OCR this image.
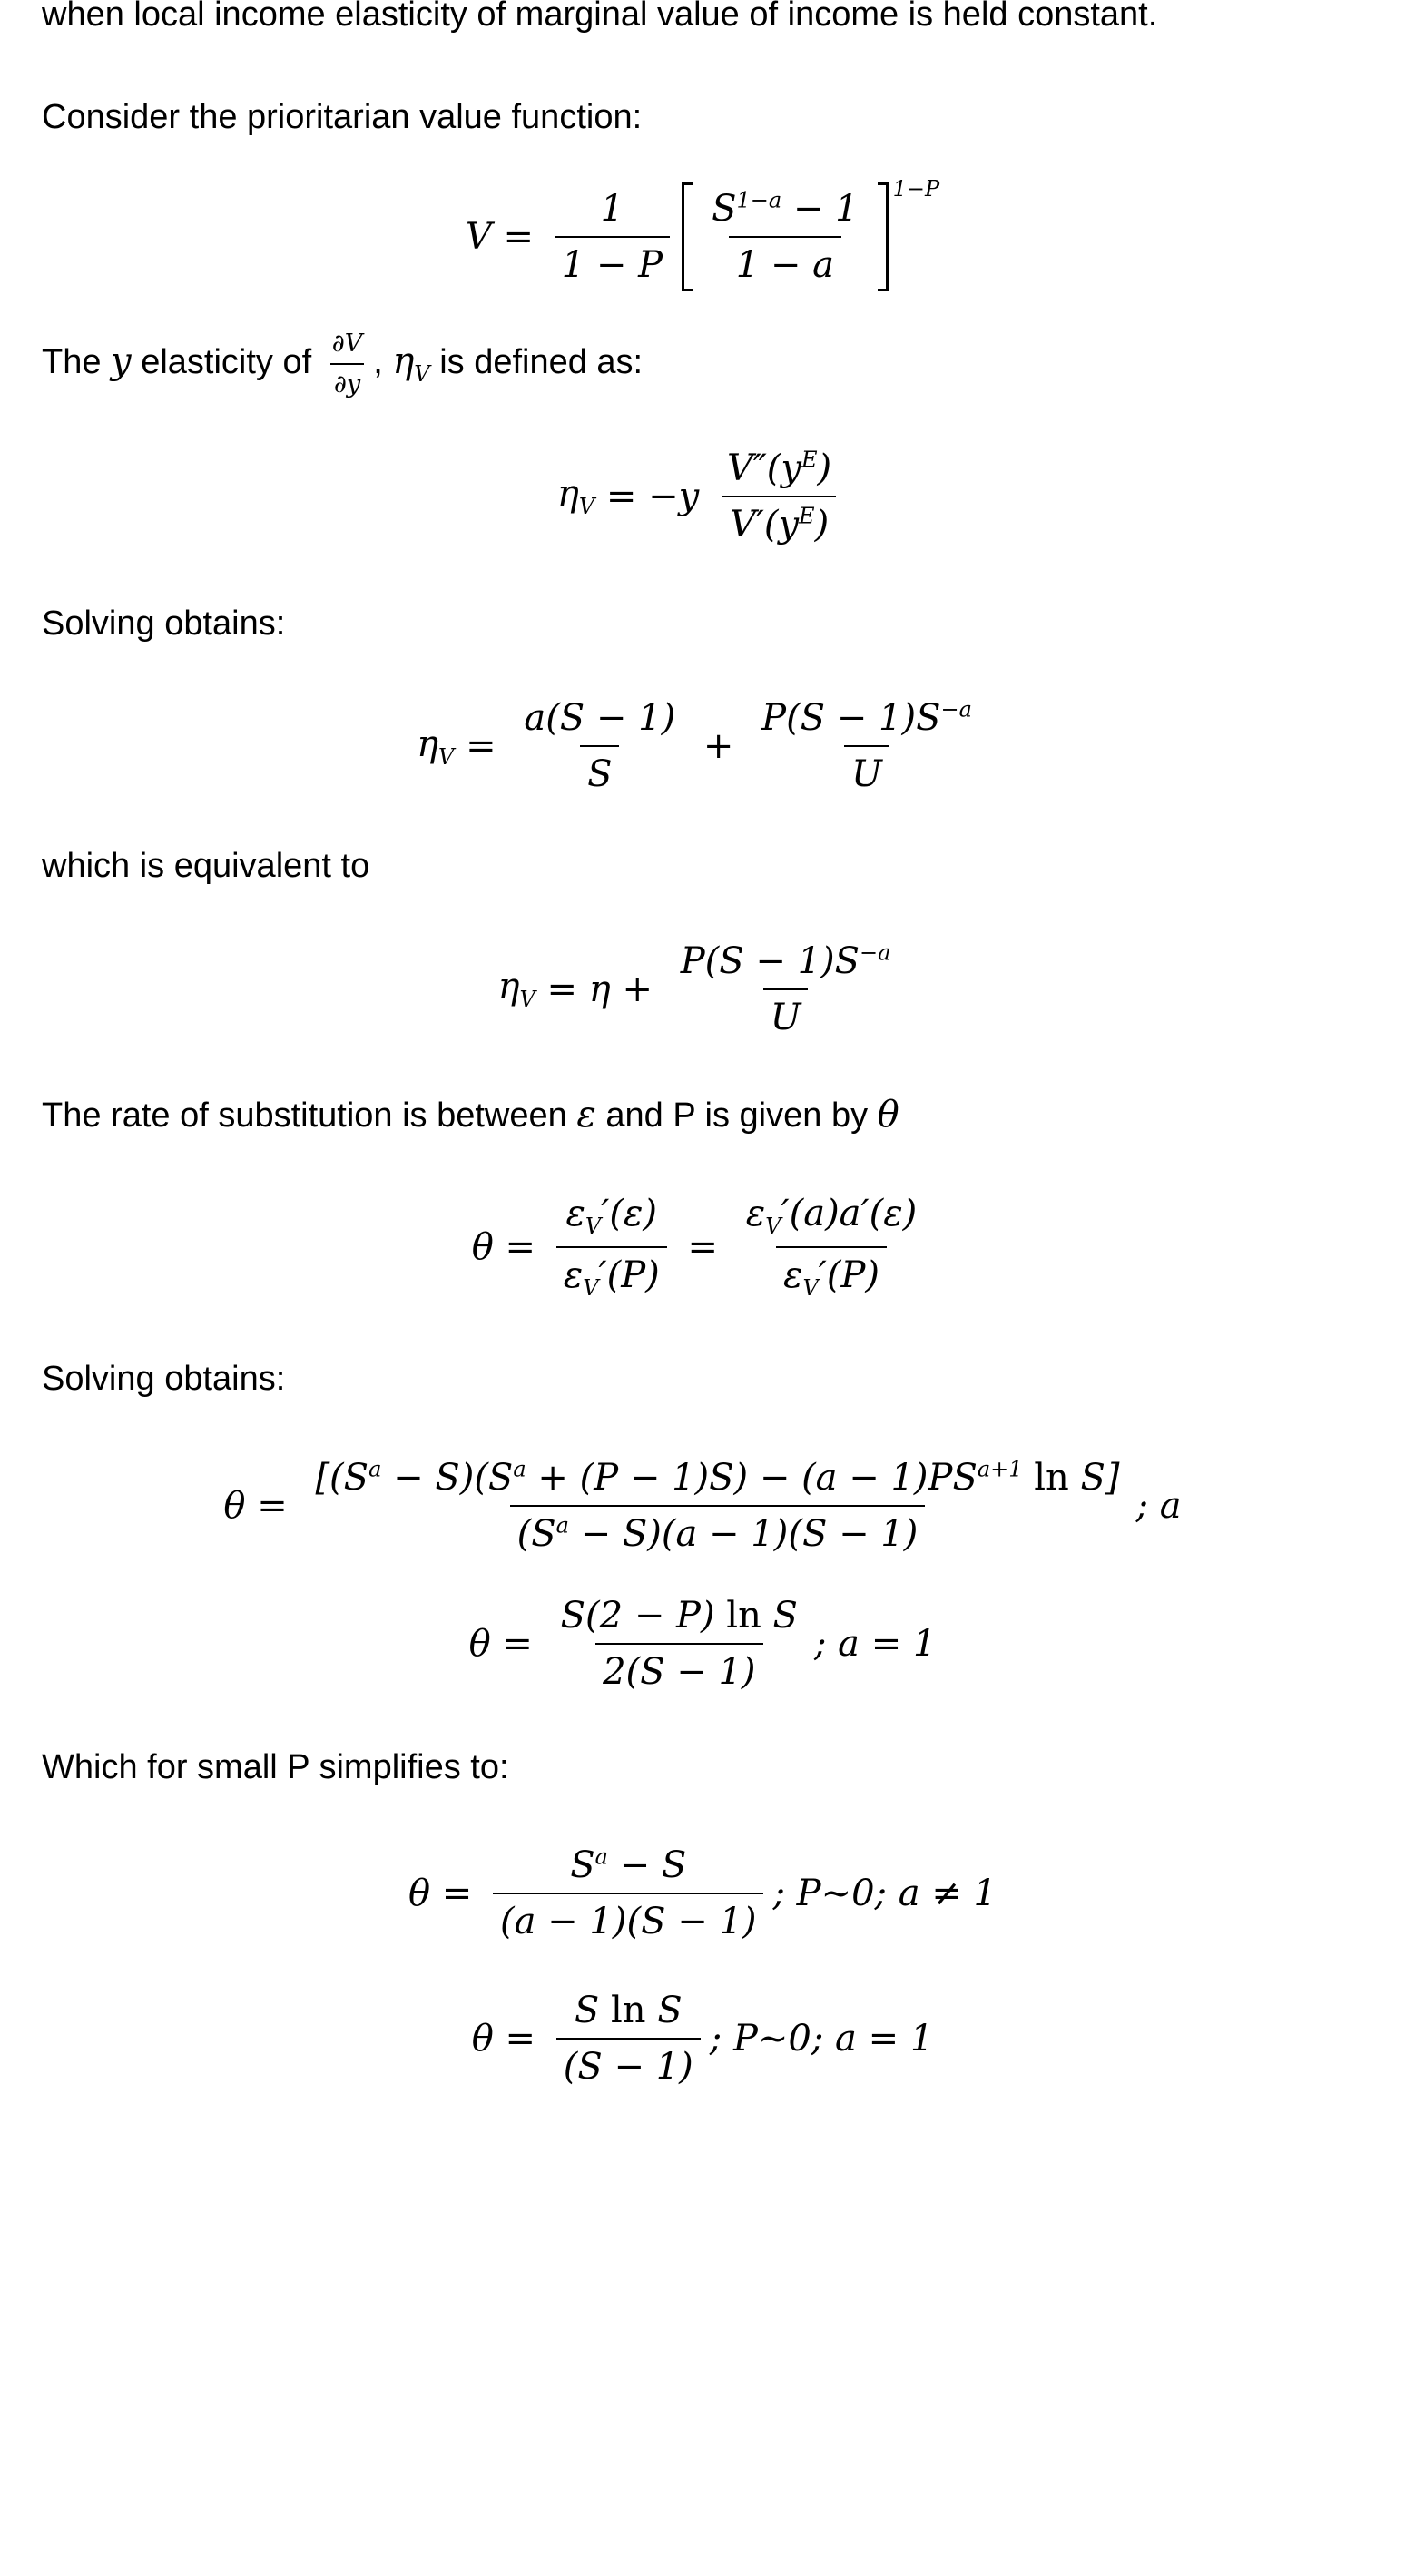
when local income elasticity of marginal value of income is held constant.

Consider the prioritarian value function:

$V = \frac{1}{1 - P} \frac{S^{1-a} - 1}{1 - a} ^{1-P}$

The y elasticity of $\frac{\partial V}{\partial y}$ , $\eta_V$ is defined as:

$\eta_V = -y \frac{V''(y^E)}{V'(y^E)}$

Solving obtains:

$\eta_V = \frac{a(S - 1)}{S} + \frac{P(S - 1)S^{-a}}{U}$

which is equivalent to

$\eta_V = \eta + \frac{P(S - 1)S^{-a}}{U}$

The rate of substitution is between ε and P is given by θ

$\theta = \frac{\varepsilon_V'(\varepsilon)}{\varepsilon_V'(P)} = \frac{\varepsilon_V'(a)a'(\varepsilon)}{\varepsilon_V'(P)}$

Solving obtains:

$\theta = \frac{[(S^a - S)(S^a + (P - 1)S) - (a - 1)PS^{a+1} \ln S]}{(S^a - S)(a - 1)(S - 1)}$ ; a
$\theta = \frac{\text{S(2 − P) ln S}}{2(S - 1)}$ ; a = 1

Which for small P simplifies to:

$\theta = \frac{S^a - S}{(a - 1)(S - 1)}$ ; P~0; a ≠ 1
$\theta = \frac{\text{S ln S}}{(S - 1)}$ ; P~0; a = 1
